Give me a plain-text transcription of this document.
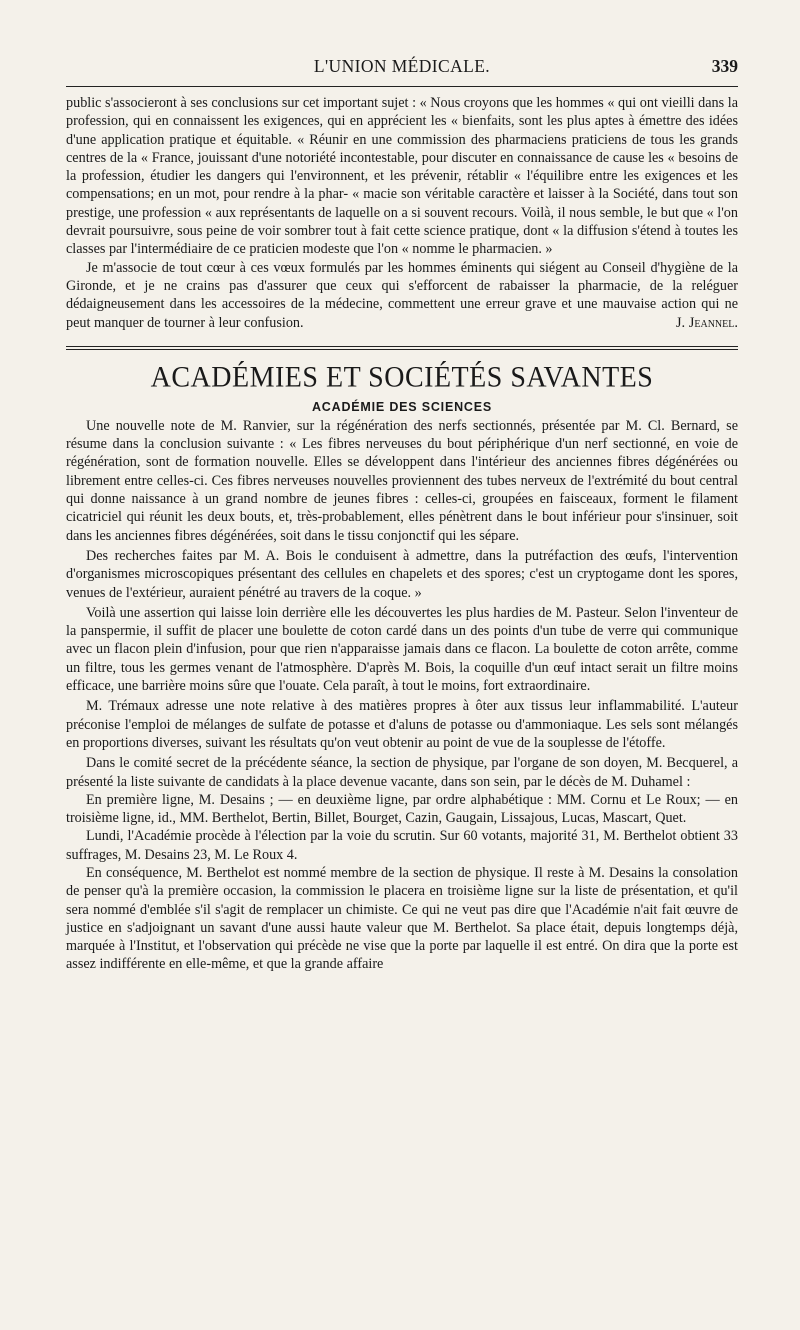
L'UNION MÉDICALE.	339

public s'associeront à ses conclusions sur cet important sujet : « Nous croyons que les hommes « qui ont vieilli dans la profession, qui en connaissent les exigences, qui en apprécient les « bienfaits, sont les plus aptes à émettre des idées d'une application pratique et équitable. « Réunir en une commission des pharmaciens praticiens de tous les grands centres de la « France, jouissant d'une notoriété incontestable, pour discuter en connaissance de cause les « besoins de la profession, étudier les dangers qui l'environnent, et les prévenir, rétablir « l'équilibre entre les exigences et les compensations; en un mot, pour rendre à la phar- « macie son véritable caractère et laisser à la Société, dans tout son prestige, une profession « aux représentants de laquelle on a si souvent recours. Voilà, il nous semble, le but que « l'on devrait poursuivre, sous peine de voir sombrer tout à fait cette science pratique, dont « la diffusion s'étend à toutes les classes par l'intermédiaire de ce praticien modeste que l'on « nomme le pharmacien. »

Je m'associe de tout cœur à ces vœux formulés par les hommes éminents qui siégent au Conseil d'hygiène de la Gironde, et je ne crains pas d'assurer que ceux qui s'efforcent de rabaisser la pharmacie, de la reléguer dédaigneusement dans les accessoires de la médecine, commettent une erreur grave et une mauvaise action qui ne peut manquer de tourner à leur confusion.	J. Jeannel.

ACADÉMIES ET SOCIÉTÉS SAVANTES
ACADÉMIE DES SCIENCES

Une nouvelle note de M. Ranvier, sur la régénération des nerfs sectionnés, présentée par M. Cl. Bernard, se résume dans la conclusion suivante : « Les fibres nerveuses du bout périphérique d'un nerf sectionné, en voie de régénération, sont de formation nouvelle. Elles se développent dans l'intérieur des anciennes fibres dégénérées ou librement entre celles-ci. Ces fibres nerveuses nouvelles proviennent des tubes nerveux de l'extrémité du bout central qui donne naissance à un grand nombre de jeunes fibres : celles-ci, groupées en faisceaux, forment le filament cicatriciel qui réunit les deux bouts, et, très-probablement, elles pénètrent dans le bout inférieur pour s'insinuer, soit dans les anciennes fibres dégénérées, soit dans le tissu conjonctif qui les sépare.

Des recherches faites par M. A. Bois le conduisent à admettre, dans la putréfaction des œufs, l'intervention d'organismes microscopiques présentant des cellules en chapelets et des spores; c'est un cryptogame dont les spores, venues de l'extérieur, auraient pénétré au travers de la coque. »

Voilà une assertion qui laisse loin derrière elle les découvertes les plus hardies de M. Pasteur. Selon l'inventeur de la panspermie, il suffit de placer une boulette de coton cardé dans un des points d'un tube de verre qui communique avec un flacon plein d'infusion, pour que rien n'apparaisse jamais dans ce flacon. La boulette de coton arrête, comme un filtre, tous les germes venant de l'atmosphère. D'après M. Bois, la coquille d'un œuf intact serait un filtre moins efficace, une barrière moins sûre que l'ouate. Cela paraît, à tout le moins, fort extraordinaire.

M. Trémaux adresse une note relative à des matières propres à ôter aux tissus leur inflammabilité. L'auteur préconise l'emploi de mélanges de sulfate de potasse et d'aluns de potasse ou d'ammoniaque. Les sels sont mélangés en proportions diverses, suivant les résultats qu'on veut obtenir au point de vue de la souplesse de l'étoffe.

Dans le comité secret de la précédente séance, la section de physique, par l'organe de son doyen, M. Becquerel, a présenté la liste suivante de candidats à la place devenue vacante, dans son sein, par le décès de M. Duhamel :

En première ligne, M. Desains ; — en deuxième ligne, par ordre alphabétique : MM. Cornu et Le Roux; — en troisième ligne, id., MM. Berthelot, Bertin, Billet, Bourget, Cazin, Gaugain, Lissajous, Lucas, Mascart, Quet.

Lundi, l'Académie procède à l'élection par la voie du scrutin. Sur 60 votants, majorité 31, M. Berthelot obtient 33 suffrages, M. Desains 23, M. Le Roux 4.

En conséquence, M. Berthelot est nommé membre de la section de physique. Il reste à M. Desains la consolation de penser qu'à la première occasion, la commission le placera en troisième ligne sur la liste de présentation, et qu'il sera nommé d'emblée s'il s'agit de remplacer un chimiste. Ce qui ne veut pas dire que l'Académie n'ait fait œuvre de justice en s'adjoignant un savant d'une aussi haute valeur que M. Berthelot. Sa place était, depuis longtemps déjà, marquée à l'Institut, et l'observation qui précède ne vise que la porte par laquelle il est entré. On dira que la porte est assez indifférente en elle-même, et que la grande affaire
